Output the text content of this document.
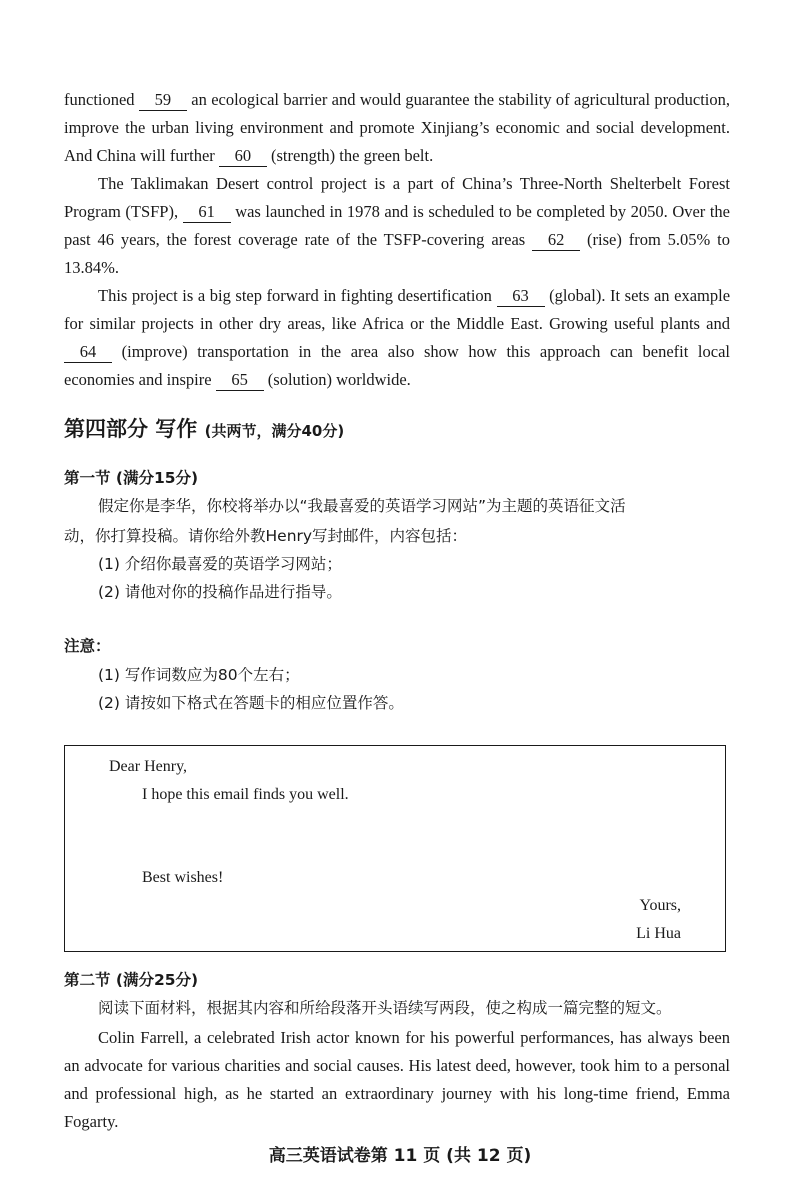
functioned 59 an ecological barrier and would guarantee the stability of agricultural production, improve the urban living environment and promote Xinjiang’s economic and social development. And China will further 60 (strength) the green belt.

The Taklimakan Desert control project is a part of China’s Three-North Shelterbelt Forest Program (TSFP), 61 was launched in 1978 and is scheduled to be completed by 2050. Over the past 46 years, the forest coverage rate of the TSFP-covering areas 62 (rise) from 5.05% to 13.84%.

This project is a big step forward in fighting desertification 63 (global). It sets an example for similar projects in other dry areas, like Africa or the Middle East. Growing useful plants and 64 (improve) transportation in the area also show how this approach can benefit local economies and inspire 65 (solution) worldwide.

第四部分 写作 (共两节，满分40分)

第一节 (满分15分)

假定你是李华，你校将举办以“我最喜爱的英语学习网站”为主题的英语征文活

动，你打算投稿。请你给外教Henry写封邮件，内容包括：

(1) 介绍你最喜爱的英语学习网站；

(2) 请他对你的投稿作品进行指导。

注意：

(1) 写作词数应为80个左右；

(2) 请按如下格式在答题卡的相应位置作答。

Dear Henry,

I hope this email finds you well.

Best wishes!

Yours,

Li Hua

第二节 (满分25分)

阅读下面材料，根据其内容和所给段落开头语续写两段，使之构成一篇完整的短文。

Colin Farrell, a celebrated Irish actor known for his powerful performances, has always been an advocate for various charities and social causes. His latest deed, however, took him to a personal and professional high, as he started an extraordinary journey with his long-time friend, Emma Fogarty.

高三英语试卷第 11 页 (共 12 页)
